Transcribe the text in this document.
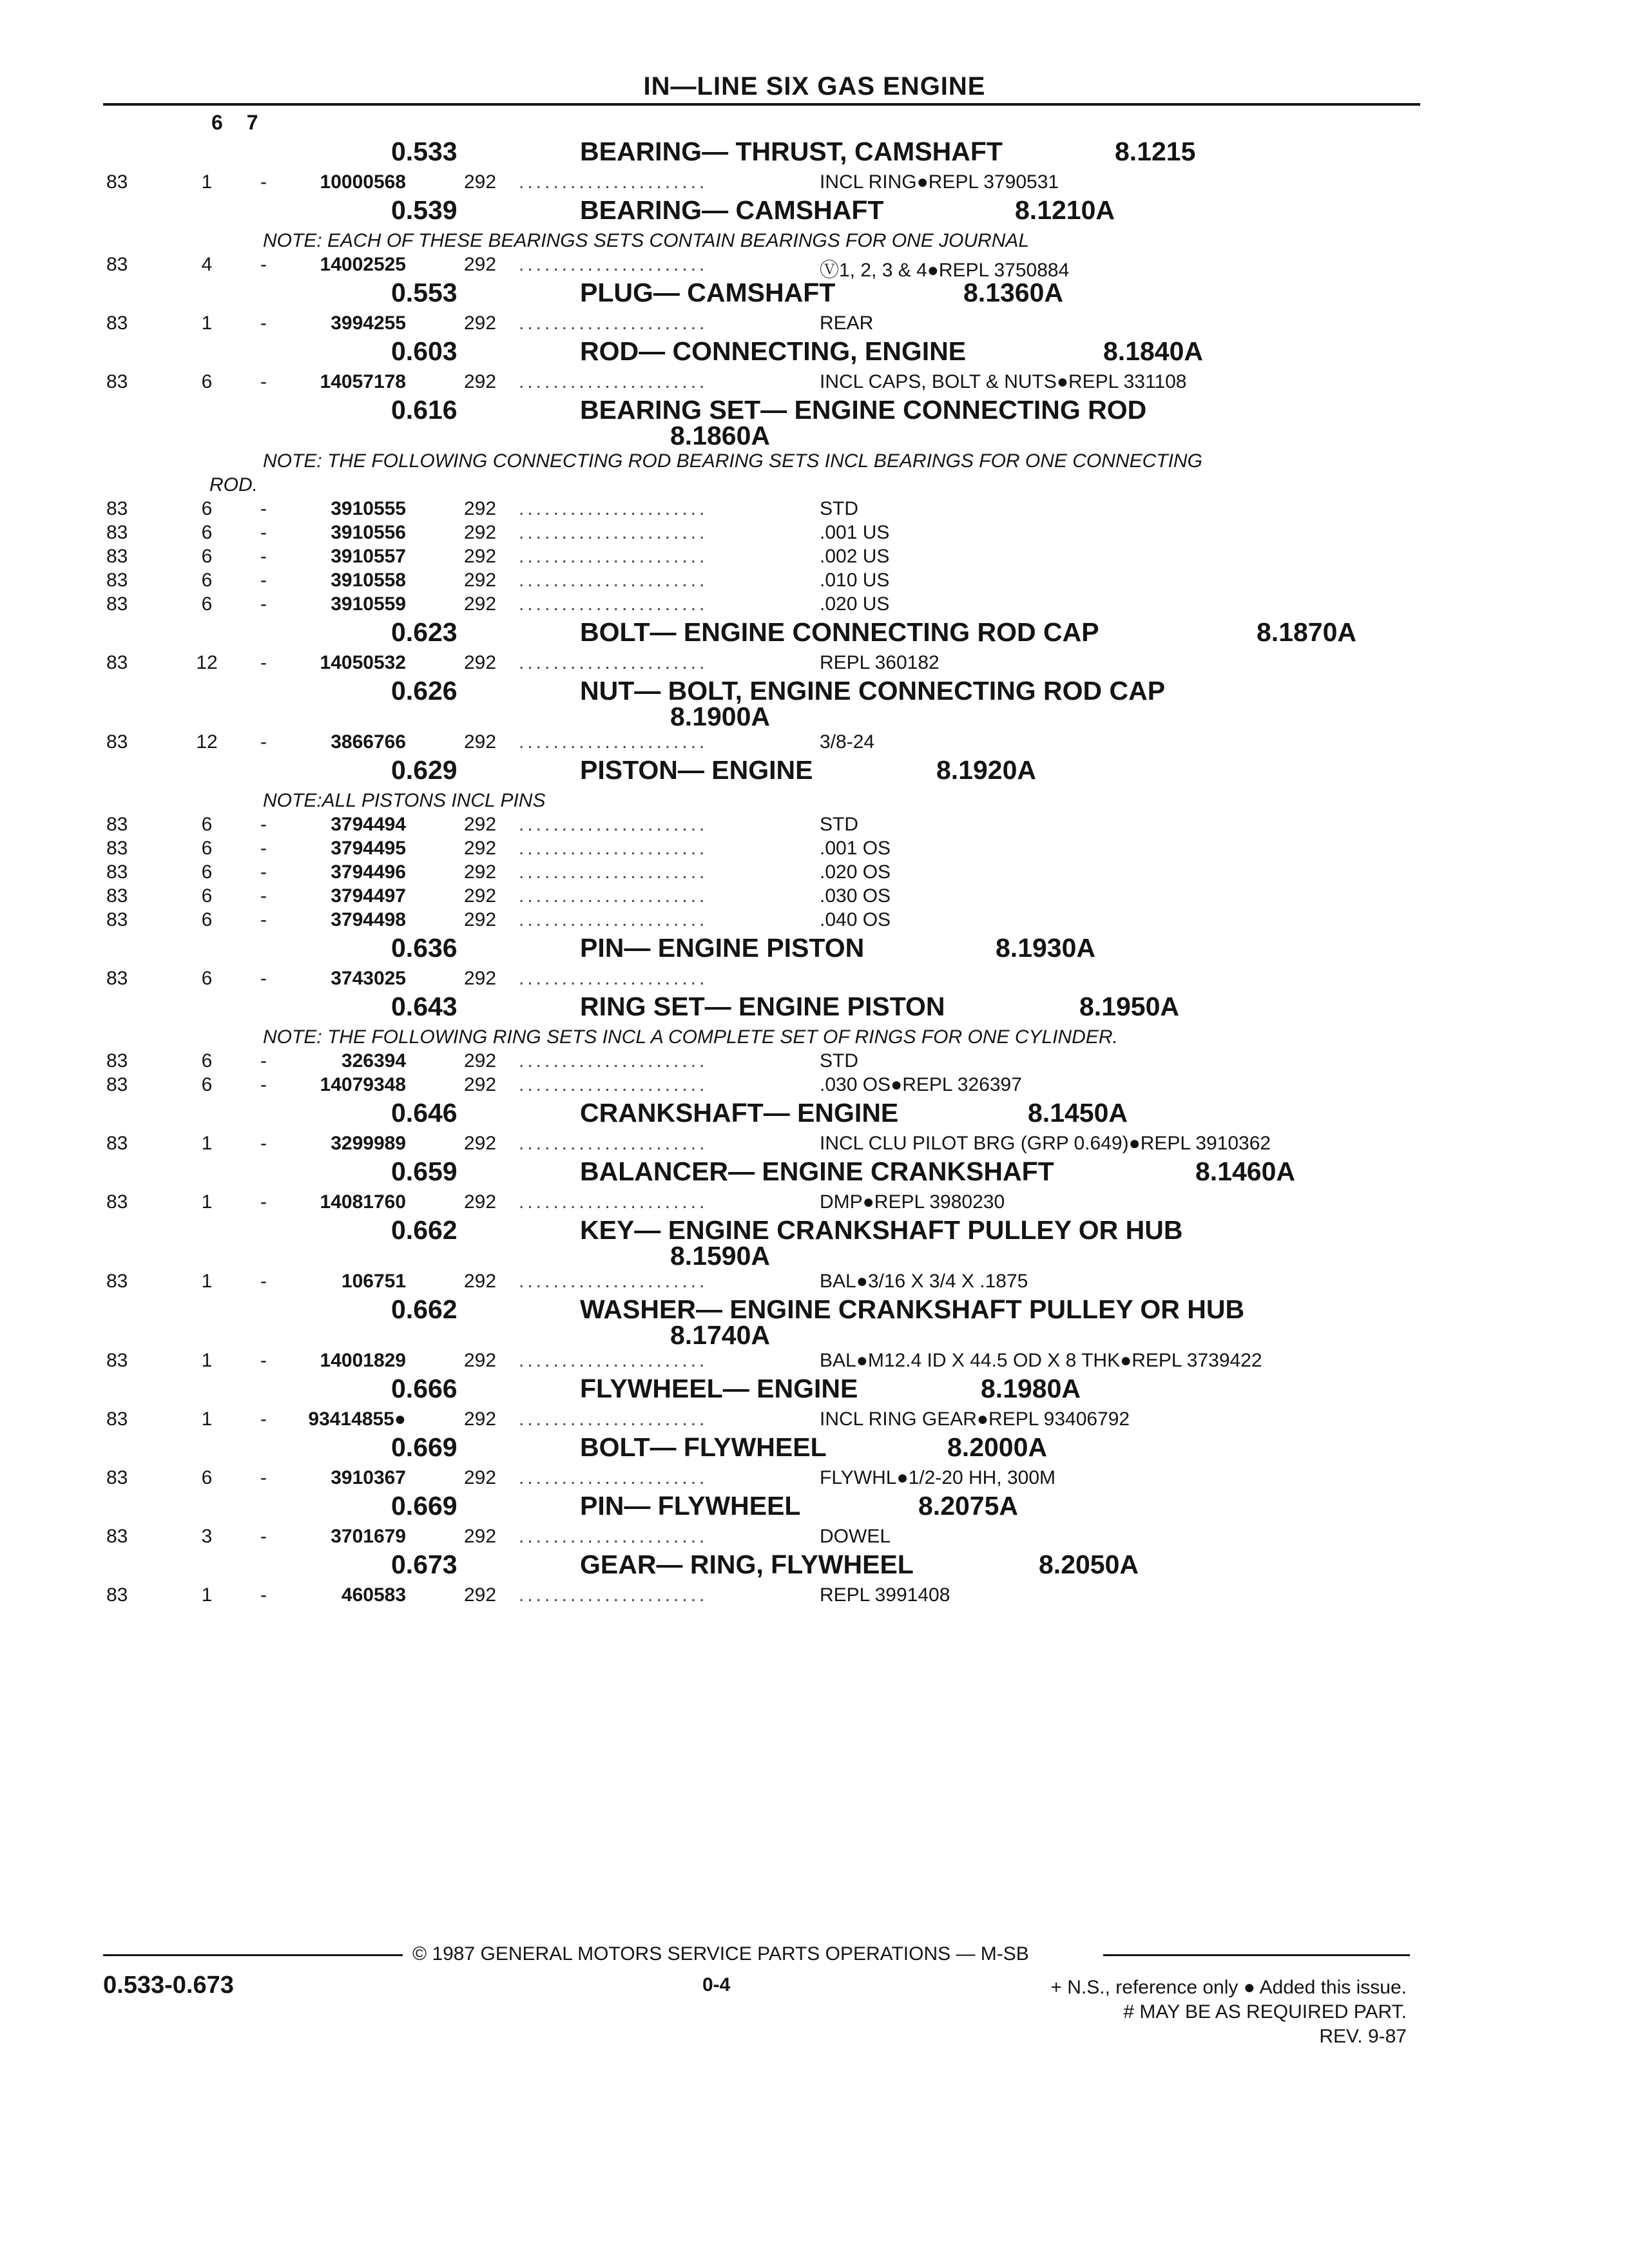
IN—LINE SIX GAS ENGINE
6 7
0.533	BEARING— THRUST, CAMSHAFT	8.1215
83	1	-	10000568	292 ......................	INCL RING●REPL 3790531
0.539	BEARING— CAMSHAFT	8.1210A
NOTE: EACH OF THESE BEARINGS SETS CONTAIN BEARINGS FOR ONE JOURNAL
83	4	-	14002525	292 ......................	Ⓥ1, 2, 3 & 4●REPL 3750884
0.553	PLUG— CAMSHAFT	8.1360A
83	1	-	3994255	292 ......................	REAR
0.603	ROD— CONNECTING, ENGINE	8.1840A
83	6	-	14057178	292 ......................	INCL CAPS, BOLT & NUTS●REPL 331108
0.616	BEARING SET— ENGINE CONNECTING ROD
8.1860A
NOTE: THE FOLLOWING CONNECTING ROD BEARING SETS INCL BEARINGS FOR ONE CONNECTING
ROD.
83	6	-	3910555	292 ......................	STD
83	6	-	3910556	292 ......................	.001 US
83	6	-	3910557	292 ......................	.002 US
83	6	-	3910558	292 ......................	.010 US
83	6	-	3910559	292 ......................	.020 US
0.623	BOLT— ENGINE CONNECTING ROD CAP	8.1870A
83	12	-	14050532	292 ......................	REPL 360182
0.626	NUT— BOLT, ENGINE CONNECTING ROD CAP
8.1900A
83	12	-	3866766	292 ......................	3/8-24
0.629	PISTON— ENGINE	8.1920A
NOTE:ALL PISTONS INCL PINS
83	6	-	3794494	292 ......................	STD
83	6	-	3794495	292 ......................	.001 OS
83	6	-	3794496	292 ......................	.020 OS
83	6	-	3794497	292 ......................	.030 OS
83	6	-	3794498	292 ......................	.040 OS
0.636	PIN— ENGINE PISTON	8.1930A
83	6	-	3743025	292 ......................
0.643	RING SET— ENGINE PISTON	8.1950A
NOTE: THE FOLLOWING RING SETS INCL A COMPLETE SET OF RINGS FOR ONE CYLINDER.
83	6	-	326394	292 ......................	STD
83	6	-	14079348	292 ......................	.030 OS●REPL 326397
0.646	CRANKSHAFT— ENGINE	8.1450A
83	1	-	3299989	292 ......................	INCL CLU PILOT BRG (GRP 0.649)●REPL 3910362
0.659	BALANCER— ENGINE CRANKSHAFT	8.1460A
83	1	-	14081760	292 ......................	DMP●REPL 3980230
0.662	KEY— ENGINE CRANKSHAFT PULLEY OR HUB
8.1590A
83	1	-	106751	292 ......................	BAL●3/16 X 3/4 X .1875
0.662	WASHER— ENGINE CRANKSHAFT PULLEY OR HUB
8.1740A
83	1	-	14001829	292 ......................	BAL●M12.4 ID X 44.5 OD X 8 THK●REPL 3739422
0.666	FLYWHEEL— ENGINE	8.1980A
83	1	-	93414855●	292 ......................	INCL RING GEAR●REPL 93406792
0.669	BOLT— FLYWHEEL	8.2000A
83	6	-	3910367	292 ......................	FLYWHL●1/2-20 HH, 300M
0.669	PIN— FLYWHEEL	8.2075A
83	3	-	3701679	292 ......................	DOWEL
0.673	GEAR— RING, FLYWHEEL	8.2050A
83	1	-	460583	292 ......................	REPL 3991408
© 1987 GENERAL MOTORS SERVICE PARTS OPERATIONS — M-SB
0.533-0.673	0-4	+ N.S., reference only ● Added this issue.
# MAY BE AS REQUIRED PART.
REV. 9-87
